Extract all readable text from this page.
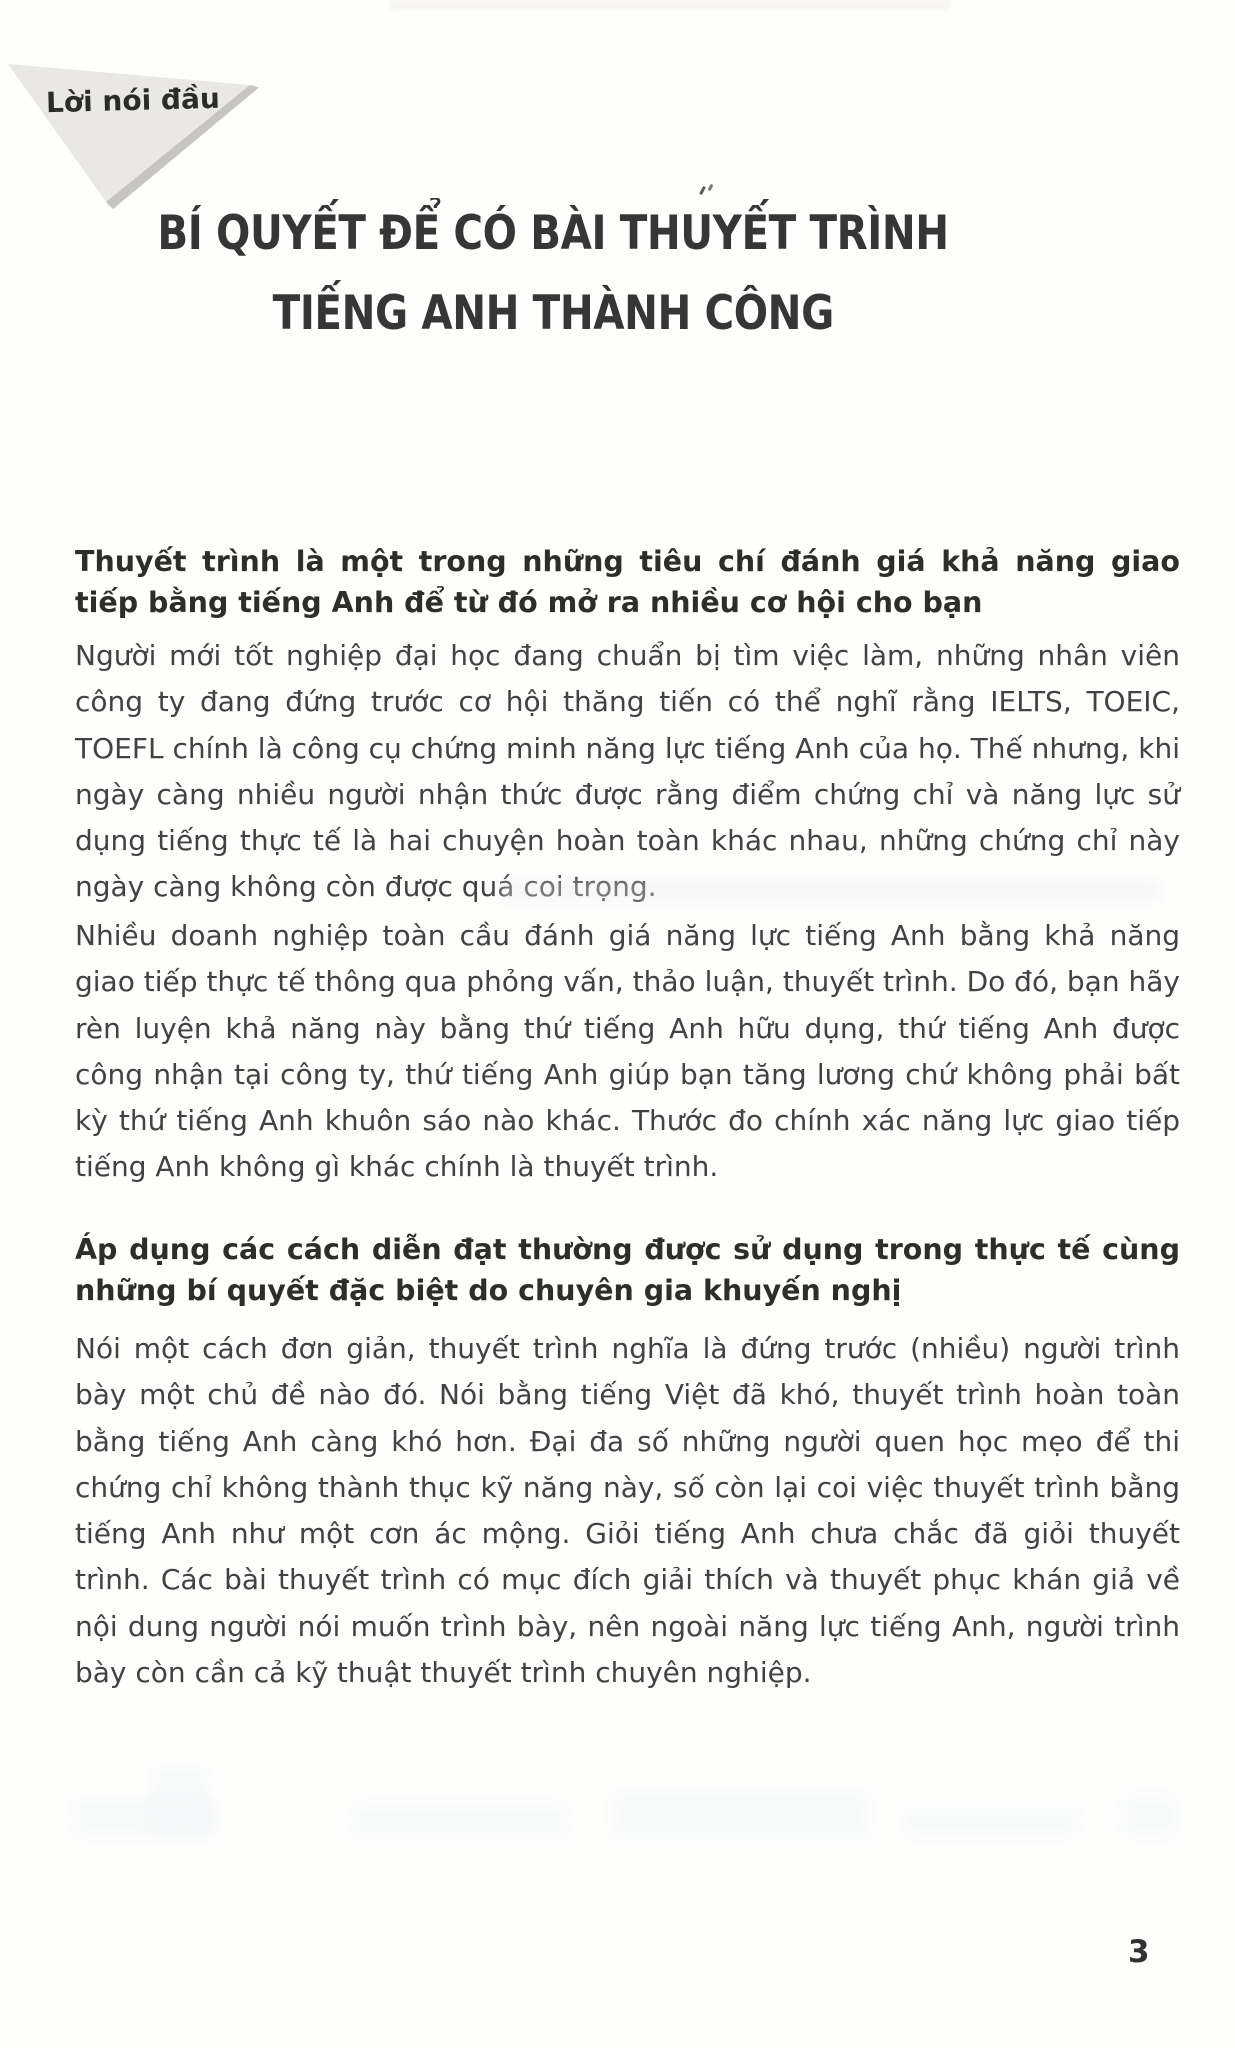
Lời nói đầu
BÍ QUYẾT ĐỂ CÓ BÀI THUYẾT TRÌNH
TIẾNG ANH THÀNH CÔNG
Thuyết trình là một trong những tiêu chí đánh giá khả năng giao tiếp bằng tiếng Anh để từ đó mở ra nhiều cơ hội cho bạn

Người mới tốt nghiệp đại học đang chuẩn bị tìm việc làm, những nhân viên công ty đang đứng trước cơ hội thăng tiến có thể nghĩ rằng IELTS, TOEIC, TOEFL chính là công cụ chứng minh năng lực tiếng Anh của họ. Thế nhưng, khi ngày càng nhiều người nhận thức được rằng điểm chứng chỉ và năng lực sử dụng tiếng thực tế là hai chuyện hoàn toàn khác nhau, những chứng chỉ này ngày càng không còn được quá coi trọng.

Nhiều doanh nghiệp toàn cầu đánh giá năng lực tiếng Anh bằng khả năng giao tiếp thực tế thông qua phỏng vấn, thảo luận, thuyết trình. Do đó, bạn hãy rèn luyện khả năng này bằng thứ tiếng Anh hữu dụng, thứ tiếng Anh được công nhận tại công ty, thứ tiếng Anh giúp bạn tăng lương chứ không phải bất kỳ thứ tiếng Anh khuôn sáo nào khác. Thước đo chính xác năng lực giao tiếp tiếng Anh không gì khác chính là thuyết trình.

Áp dụng các cách diễn đạt thường được sử dụng trong thực tế cùng những bí quyết đặc biệt do chuyên gia khuyến nghị

Nói một cách đơn giản, thuyết trình nghĩa là đứng trước (nhiều) người trình bày một chủ đề nào đó. Nói bằng tiếng Việt đã khó, thuyết trình hoàn toàn bằng tiếng Anh càng khó hơn. Đại đa số những người quen học mẹo để thi chứng chỉ không thành thục kỹ năng này, số còn lại coi việc thuyết trình bằng tiếng Anh như một cơn ác mộng. Giỏi tiếng Anh chưa chắc đã giỏi thuyết trình. Các bài thuyết trình có mục đích giải thích và thuyết phục khán giả về nội dung người nói muốn trình bày, nên ngoài năng lực tiếng Anh, người trình bày còn cần cả kỹ thuật thuyết trình chuyên nghiệp.

3
